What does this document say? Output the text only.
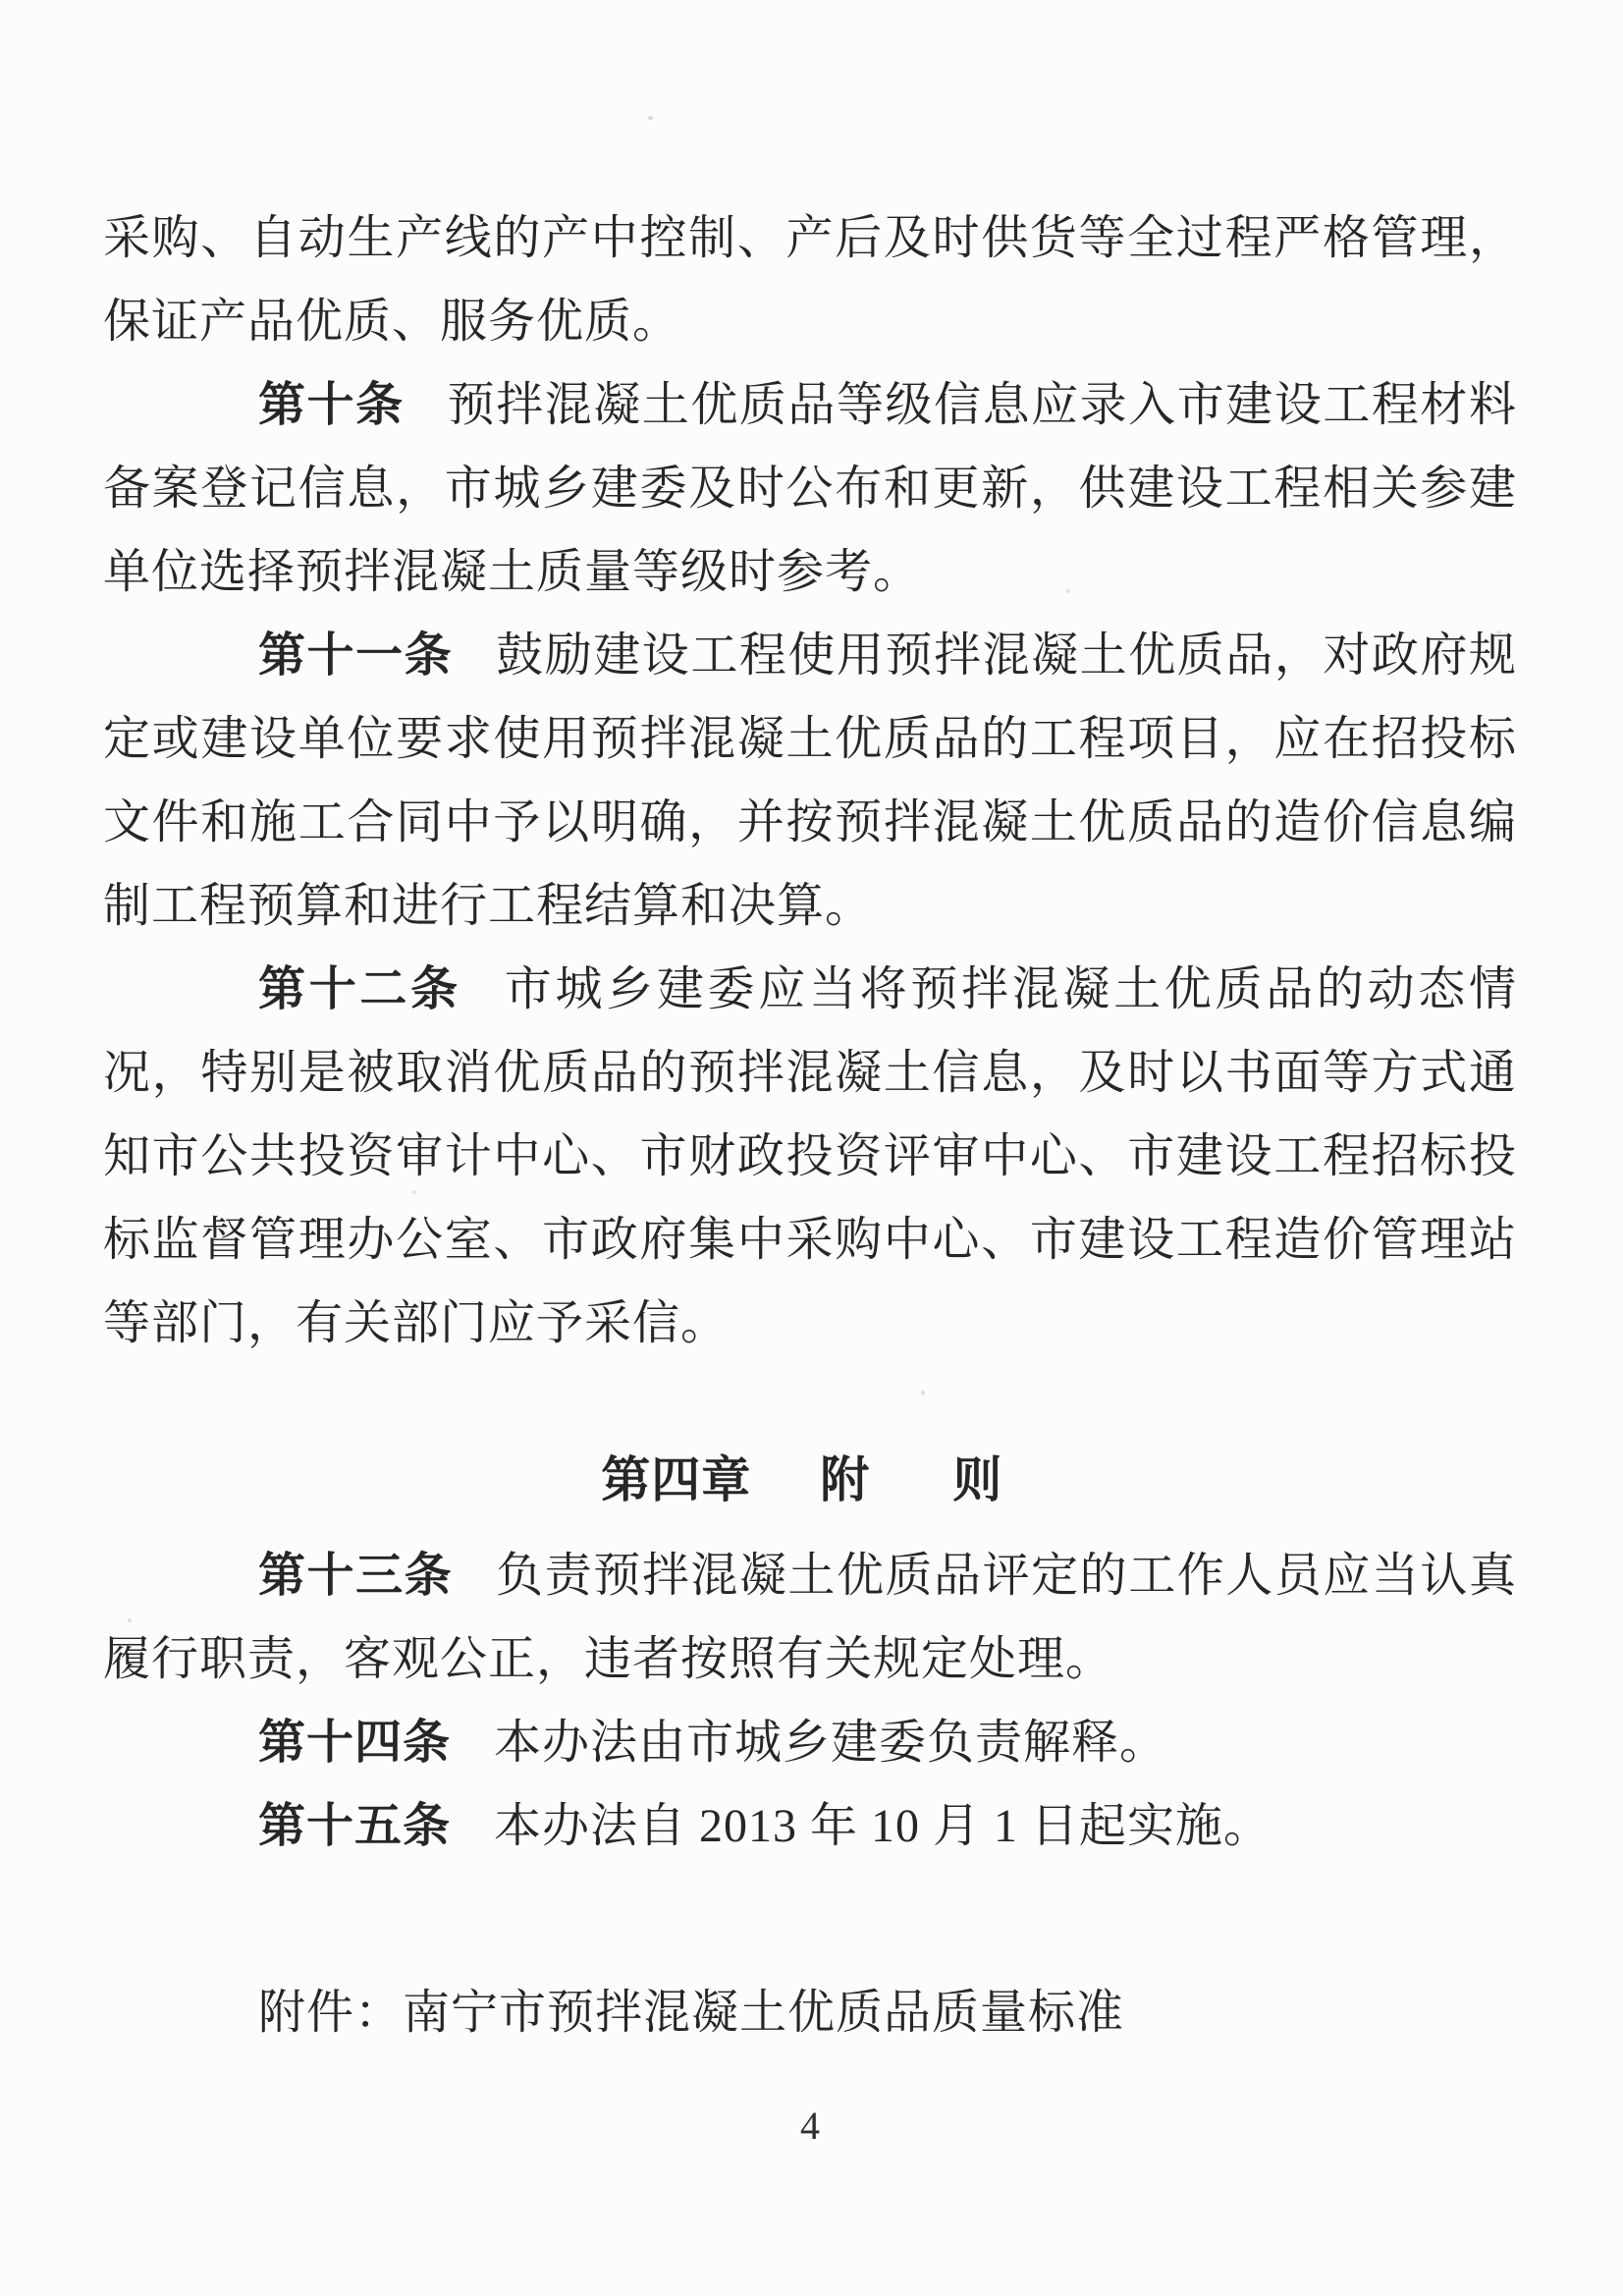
采购、自动生产线的产中控制、产后及时供货等全过程严格管理，保证产品优质、服务优质。

第十条 预拌混凝土优质品等级信息应录入市建设工程材料备案登记信息，市城乡建委及时公布和更新，供建设工程相关参建单位选择预拌混凝土质量等级时参考。

第十一条 鼓励建设工程使用预拌混凝土优质品，对政府规定或建设单位要求使用预拌混凝土优质品的工程项目，应在招投标文件和施工合同中予以明确，并按预拌混凝土优质品的造价信息编制工程预算和进行工程结算和决算。

第十二条 市城乡建委应当将预拌混凝土优质品的动态情况，特别是被取消优质品的预拌混凝土信息，及时以书面等方式通知市公共投资审计中心、市财政投资评审中心、市建设工程招标投标监督管理办公室、市政府集中采购中心、市建设工程造价管理站等部门，有关部门应予采信。

第四章 附　则

第十三条 负责预拌混凝土优质品评定的工作人员应当认真履行职责，客观公正，违者按照有关规定处理。

第十四条 本办法由市城乡建委负责解释。

第十五条 本办法自 2013 年 10 月 1 日起实施。

附件：南宁市预拌混凝土优质品质量标准

4
